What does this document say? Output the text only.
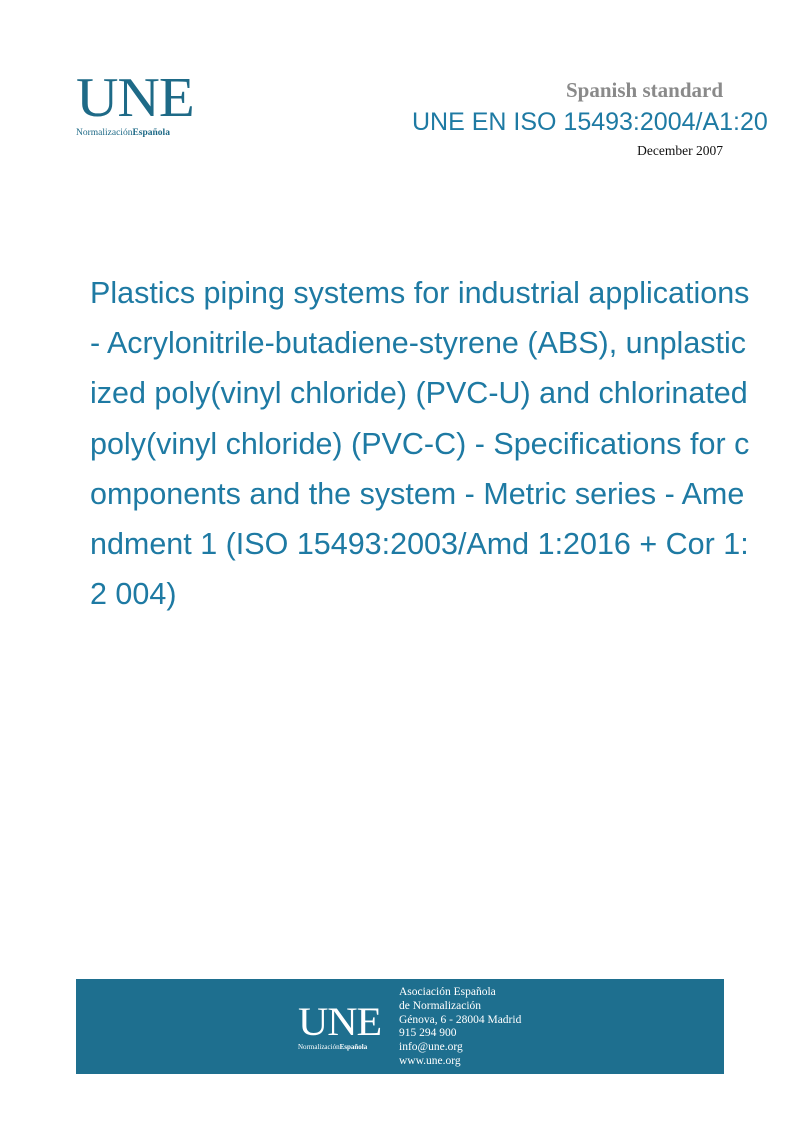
UNE
NormalizaciónEspañola
Spanish standard
UNE EN ISO 15493:2004/A1:20
December 2007
Plastics piping systems for industrial applications - Acrylonitrile-butadiene-styrene (ABS), unplasticized poly(vinyl chloride) (PVC-U) and chlorinated poly(vinyl chloride) (PVC-C) - Specifications for components and the system - Metric series - Amendment 1 (ISO 15493:2003/Amd 1:2016 + Cor 1:2 004)
UNE
NormalizaciónEspañola
Asociación Española
de Normalización
Génova, 6 - 28004 Madrid
915 294 900
info@une.org
www.une.org
